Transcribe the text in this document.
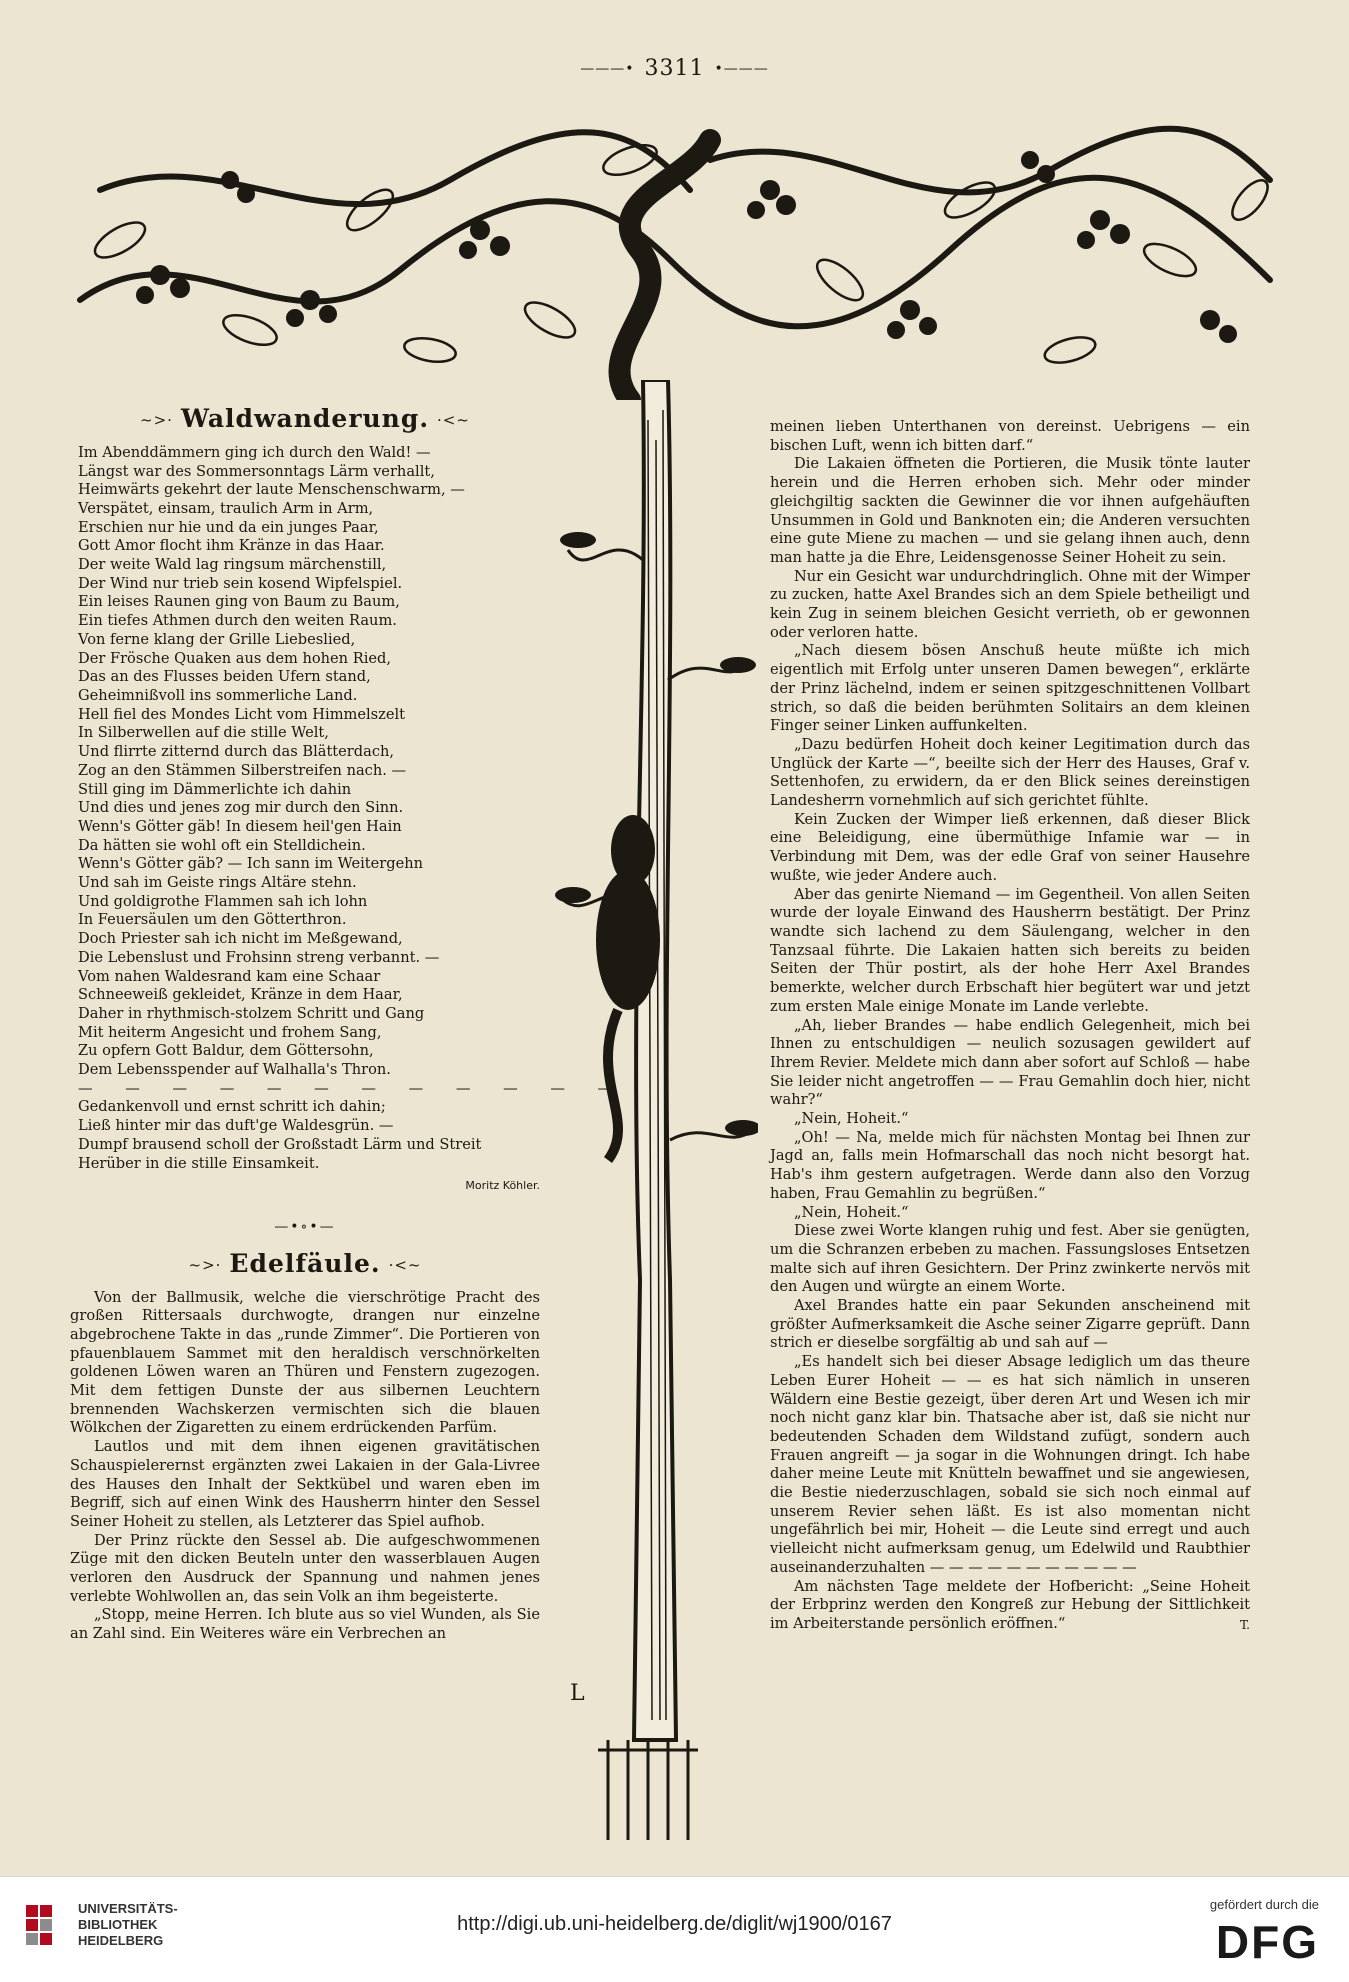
———• 3311 •———
L
~>· Waldwanderung. ·<~
Im Abenddämmern ging ich durch den Wald! —
Längst war des Sommersonntags Lärm verhallt,
Heimwärts gekehrt der laute Menschenschwarm, —
Verspätet, einsam, traulich Arm in Arm,
Erschien nur hie und da ein junges Paar,
Gott Amor flocht ihm Kränze in das Haar.
Der weite Wald lag ringsum märchenstill,
Der Wind nur trieb sein kosend Wipfelspiel.
Ein leises Raunen ging von Baum zu Baum,
Ein tiefes Athmen durch den weiten Raum.
Von ferne klang der Grille Liebeslied,
Der Frösche Quaken aus dem hohen Ried,
Das an des Flusses beiden Ufern stand,
Geheimnißvoll ins sommerliche Land.
Hell fiel des Mondes Licht vom Himmelszelt
In Silberwellen auf die stille Welt,
Und flirrte zitternd durch das Blätterdach,
Zog an den Stämmen Silberstreifen nach. —
Still ging im Dämmerlichte ich dahin
Und dies und jenes zog mir durch den Sinn.
Wenn's Götter gäb! In diesem heil'gen Hain
Da hätten sie wohl oft ein Stelldichein.
Wenn's Götter gäb? — Ich sann im Weitergehn
Und sah im Geiste rings Altäre stehn.
Und goldigrothe Flammen sah ich lohn
In Feuersäulen um den Götterthron.
Doch Priester sah ich nicht im Meßgewand,
Die Lebenslust und Frohsinn streng verbannt. —
Vom nahen Waldesrand kam eine Schaar
Schneeweiß gekleidet, Kränze in dem Haar,
Daher in rhythmisch-stolzem Schritt und Gang
Mit heiterm Angesicht und frohem Sang,
Zu opfern Gott Baldur, dem Göttersohn,
Dem Lebensspender auf Walhalla's Thron.
— — — — — — — — — — — —
Gedankenvoll und ernst schritt ich dahin;
Ließ hinter mir das duft'ge Waldesgrün. —
Dumpf brausend scholl der Großstadt Lärm und Streit
Herüber in die stille Einsamkeit.
Moritz Köhler.
—•∘•—
~>· Edelfäule. ·<~

Von der Ballmusik, welche die vierschrötige Pracht des großen Rittersaals durchwogte, drangen nur einzelne abgebrochene Takte in das „runde Zimmer“. Die Portieren von pfauenblauem Sammet mit den heraldisch verschnörkelten goldenen Löwen waren an Thüren und Fenstern zugezogen. Mit dem fettigen Dunste der aus silbernen Leuchtern brennenden Wachskerzen vermischten sich die blauen Wölkchen der Zigaretten zu einem erdrückenden Parfüm.

Lautlos und mit dem ihnen eigenen gravitätischen Schauspielerernst ergänzten zwei Lakaien in der Gala-Livree des Hauses den Inhalt der Sektkübel und waren eben im Begriff, sich auf einen Wink des Hausherrn hinter den Sessel Seiner Hoheit zu stellen, als Letzterer das Spiel aufhob.

Der Prinz rückte den Sessel ab. Die aufgeschwommenen Züge mit den dicken Beuteln unter den wasserblauen Augen verloren den Ausdruck der Spannung und nahmen jenes verlebte Wohlwollen an, das sein Volk an ihm begeisterte.

„Stopp, meine Herren. Ich blute aus so viel Wunden, als Sie an Zahl sind. Ein Weiteres wäre ein Verbrechen an

meinen lieben Unterthanen von dereinst. Uebrigens — ein bischen Luft, wenn ich bitten darf.“

Die Lakaien öffneten die Portieren, die Musik tönte lauter herein und die Herren erhoben sich. Mehr oder minder gleichgiltig sackten die Gewinner die vor ihnen aufgehäuften Unsummen in Gold und Banknoten ein; die Anderen versuchten eine gute Miene zu machen — und sie gelang ihnen auch, denn man hatte ja die Ehre, Leidensgenosse Seiner Hoheit zu sein.

Nur ein Gesicht war undurchdringlich. Ohne mit der Wimper zu zucken, hatte Axel Brandes sich an dem Spiele betheiligt und kein Zug in seinem bleichen Gesicht verrieth, ob er gewonnen oder verloren hatte.

„Nach diesem bösen Anschuß heute müßte ich mich eigentlich mit Erfolg unter unseren Damen bewegen“, erklärte der Prinz lächelnd, indem er seinen spitzgeschnittenen Vollbart strich, so daß die beiden berühmten Solitairs an dem kleinen Finger seiner Linken auffunkelten.

„Dazu bedürfen Hoheit doch keiner Legitimation durch das Unglück der Karte —“, beeilte sich der Herr des Hauses, Graf v. Settenhofen, zu erwidern, da er den Blick seines dereinstigen Landesherrn vornehmlich auf sich gerichtet fühlte.

Kein Zucken der Wimper ließ erkennen, daß dieser Blick eine Beleidigung, eine übermüthige Infamie war — in Verbindung mit Dem, was der edle Graf von seiner Hausehre wußte, wie jeder Andere auch.

Aber das genirte Niemand — im Gegentheil. Von allen Seiten wurde der loyale Einwand des Hausherrn bestätigt. Der Prinz wandte sich lachend zu dem Säulengang, welcher in den Tanzsaal führte. Die Lakaien hatten sich bereits zu beiden Seiten der Thür postirt, als der hohe Herr Axel Brandes bemerkte, welcher durch Erbschaft hier begütert war und jetzt zum ersten Male einige Monate im Lande verlebte.

„Ah, lieber Brandes — habe endlich Gelegenheit, mich bei Ihnen zu entschuldigen — neulich sozusagen gewildert auf Ihrem Revier. Meldete mich dann aber sofort auf Schloß — habe Sie leider nicht angetroffen — — Frau Gemahlin doch hier, nicht wahr?“

„Nein, Hoheit.“

„Oh! — Na, melde mich für nächsten Montag bei Ihnen zur Jagd an, falls mein Hofmarschall das noch nicht besorgt hat. Hab's ihm gestern aufgetragen. Werde dann also den Vorzug haben, Frau Gemahlin zu begrüßen.“

„Nein, Hoheit.“

Diese zwei Worte klangen ruhig und fest. Aber sie genügten, um die Schranzen erbeben zu machen. Fassungsloses Entsetzen malte sich auf ihren Gesichtern. Der Prinz zwinkerte nervös mit den Augen und würgte an einem Worte.

Axel Brandes hatte ein paar Sekunden anscheinend mit größter Aufmerksamkeit die Asche seiner Zigarre geprüft. Dann strich er dieselbe sorgfältig ab und sah auf —

„Es handelt sich bei dieser Absage lediglich um das theure Leben Eurer Hoheit — — es hat sich nämlich in unseren Wäldern eine Bestie gezeigt, über deren Art und Wesen ich mir noch nicht ganz klar bin. Thatsache aber ist, daß sie nicht nur bedeutenden Schaden dem Wildstand zufügt, sondern auch Frauen angreift — ja sogar in die Wohnungen dringt. Ich habe daher meine Leute mit Knütteln bewaffnet und sie angewiesen, die Bestie niederzuschlagen, sobald sie sich noch einmal auf unserem Revier sehen läßt. Es ist also momentan nicht ungefährlich bei mir, Hoheit — die Leute sind erregt und auch vielleicht nicht aufmerksam genug, um Edelwild und Raubthier auseinanderzuhalten — — — — — — — — — — —

Am nächsten Tage meldete der Hofbericht: „Seine Hoheit der Erbprinz werden den Kongreß zur Hebung der Sittlichkeit im Arbeiterstande persönlich eröffnen.“	T.
UNIVERSITÄTS-
BIBLIOTHEK
HEIDELBERG
http://digi.ub.uni-heidelberg.de/diglit/wj1900/0167
gefördert durch die
DFG
